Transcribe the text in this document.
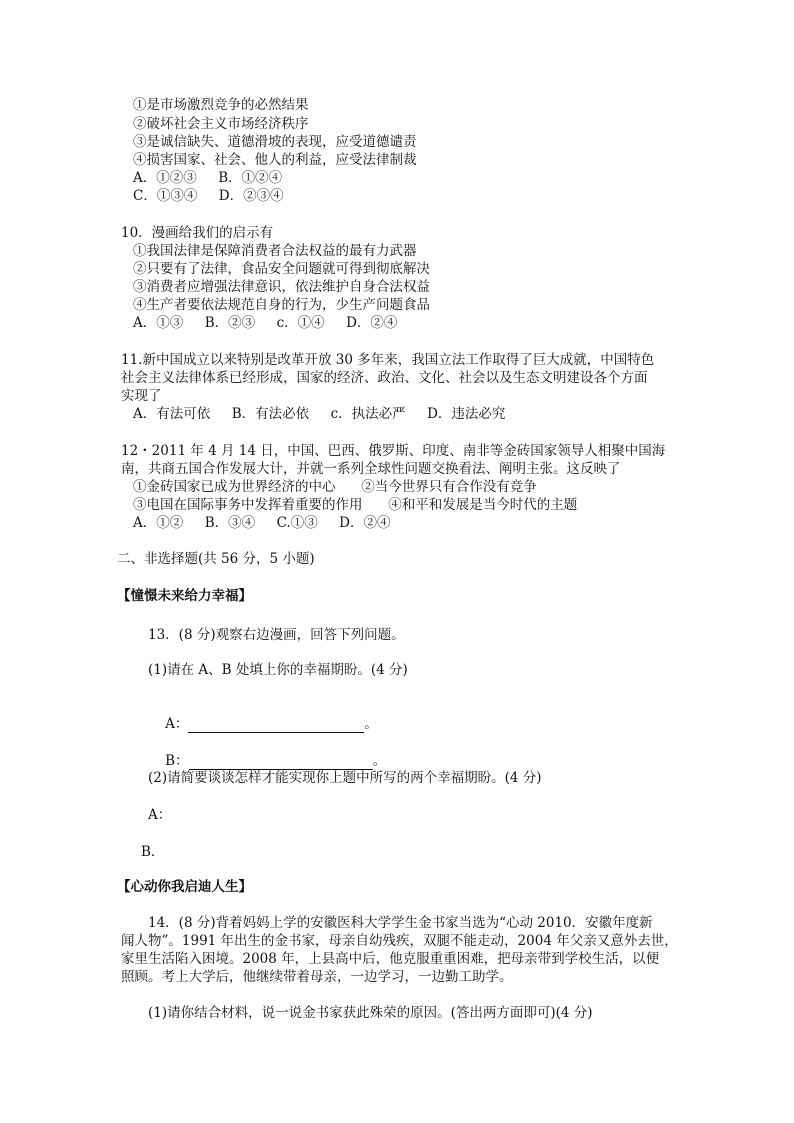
①是市场激烈竞争的必然结果
②破坏社会主义市场经济秩序
③是诚信缺失、道德滑坡的表现，应受道德谴责
④损害国家、社会、他人的利益，应受法律制裁
A．①②③     B．①②④
C．①③④     D．②③④
10．漫画给我们的启示有
①我国法律是保障消费者合法权益的最有力武器
②只要有了法律，食品安全问题就可得到彻底解决
③消费者应增强法律意识，依法维护自身合法权益
④生产者要依法规范自身的行为，少生产问题食品
A．①③     B．②③     c．①④     D．②④
11.新中国成立以来特别是改革开放 30 多年来，我国立法工作取得了巨大成就，中国特色
社会主义法律体系已经形成，国家的经济、政治、文化、社会以及生态文明建设各个方面
实现了
A．有法可依     B．有法必依     c．执法必严     D．违法必究
12・2011 年 4 月 14 日，中国、巴西、俄罗斯、印度、南非等金砖国家领导人相聚中国海
南，共商五国合作发展大计，并就一系列全球性问题交换看法、阐明主张。这反映了
①金砖国家已成为世界经济的中心      ②当今世界只有合作没有竞争
③电国在国际事务中发挥着重要的作用      ④和平和发展是当今时代的主题
A．①②     B．③④     C.①③     D．②④
二、非选择题(共 56 分，5 小题)
【憧憬未来给力幸福】
13．(8 分)观察右边漫画，回答下列问题。
(1)请在 A、B 处填上你的幸福期盼。(4 分)

A：	。

B：	。

(2)请简要谈谈怎样才能实现你上题中所写的两个幸福期盼。(4 分)
A：
B．
【心动你我启迪人生】
14．(8 分)背着妈妈上学的安徽医科大学学生金书家当选为“心动 2010．安徽年度新
闻人物”。1991 年出生的金书家，母亲自幼残疾，双腿不能走动，2004 年父亲又意外去世，
家里生活陷入困境。2008 年，上县高中后，他克服重重困难，把母亲带到学校生活，以便
照顾。考上大学后，他继续带着母亲，一边学习，一边勤工助学。
(1)请你结合材料，说一说金书家获此殊荣的原因。(答出两方面即可)(4 分)
